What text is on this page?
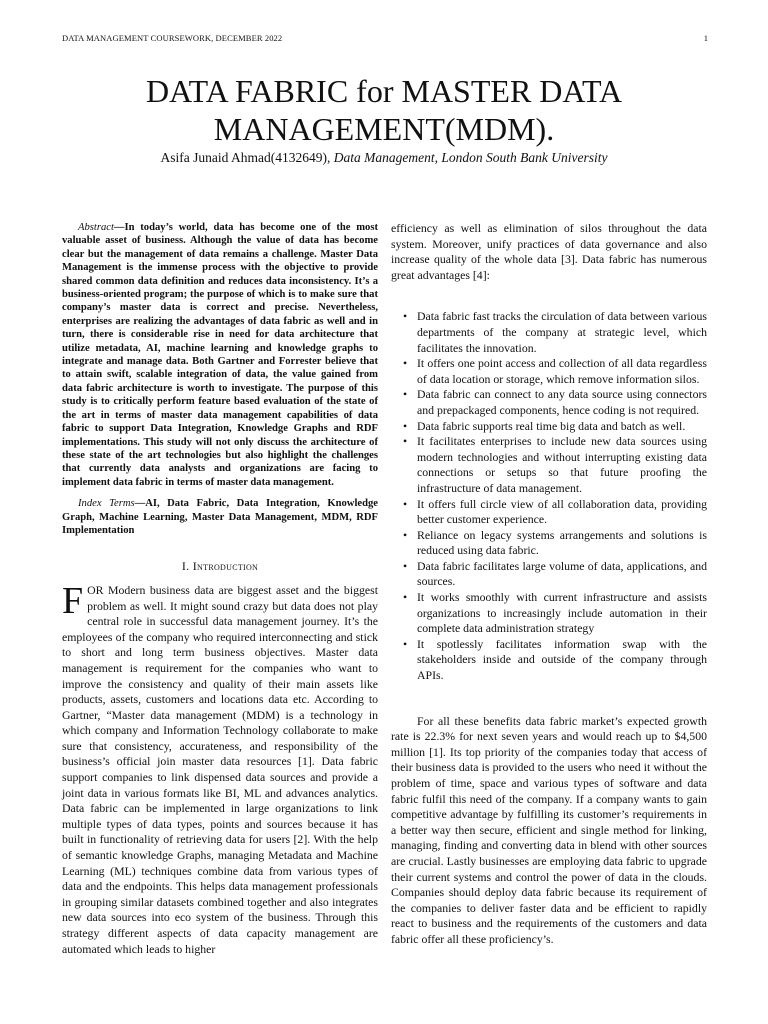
DATA MANAGEMENT COURSEWORK, DECEMBER 2022	1
DATA FABRIC for MASTER DATA
MANAGEMENT(MDM).
Asifa Junaid Ahmad(4132649), Data Management, London South Bank University

Abstract—In today’s world, data has become one of the most valuable asset of business. Although the value of data has become clear but the management of data remains a challenge. Master Data Management is the immense process with the objective to provide shared common data definition and reduces data inconsistency. It’s a business-oriented program; the purpose of which is to make sure that company’s master data is correct and precise. Nevertheless, enterprises are realizing the advantages of data fabric as well and in turn, there is considerable rise in need for data architecture that utilize metadata, AI, machine learning and knowledge graphs to integrate and manage data. Both Gartner and Forrester believe that to attain swift, scalable integration of data, the value gained from data fabric architecture is worth to investigate. The purpose of this study is to critically perform feature based evaluation of the state of the art in terms of master data management capabilities of data fabric to support Data Integration, Knowledge Graphs and RDF implementations. This study will not only discuss the architecture of these state of the art technologies but also highlight the challenges that currently data analysts and organizations are facing to implement data fabric in terms of master data management.

Index Terms—AI, Data Fabric, Data Integration, Knowledge Graph, Machine Learning, Master Data Management, MDM, RDF Implementation

I. Introduction

FOR Modern business data are biggest asset and the biggest problem as well. It might sound crazy but data does not play central role in successful data management journey. It’s the employees of the company who required interconnecting and stick to short and long term business objectives. Master data management is requirement for the companies who want to improve the consistency and quality of their main assets like products, assets, customers and locations data etc. According to Gartner, “Master data management (MDM) is a technology in which company and Information Technology collaborate to make sure that consistency, accurateness, and responsibility of the business’s official join master data resources [1]. Data fabric support companies to link dispensed data sources and provide a joint data in various formats like BI, ML and advances analytics. Data fabric can be implemented in large organizations to link multiple types of data types, points and sources because it has built in functionality of retrieving data for users [2]. With the help of semantic knowledge Graphs, managing Metadata and Machine Learning (ML) techniques combine data from various types of data and the endpoints. This helps data management professionals in grouping similar datasets combined together and also integrates new data sources into eco system of the business. Through this strategy different aspects of data capacity management are automated which leads to higher

efficiency as well as elimination of silos throughout the data system. Moreover, unify practices of data governance and also increase quality of the whole data [3]. Data fabric has numerous great advantages [4]:

• Data fabric fast tracks the circulation of data between various departments of the company at strategic level, which facilitates the innovation.
• It offers one point access and collection of all data regardless of data location or storage, which remove information silos.
• Data fabric can connect to any data source using connectors and prepackaged components, hence coding is not required.
• Data fabric supports real time big data and batch as well.
• It facilitates enterprises to include new data sources using modern technologies and without interrupting existing data connections or setups so that future proofing the infrastructure of data management.
• It offers full circle view of all collaboration data, providing better customer experience.
• Reliance on legacy systems arrangements and solutions is reduced using data fabric.
• Data fabric facilitates large volume of data, applications, and sources.
• It works smoothly with current infrastructure and assists organizations to increasingly include automation in their complete data administration strategy
• It spotlessly facilitates information swap with the stakeholders inside and outside of the company through APIs.

For all these benefits data fabric market’s expected growth rate is 22.3% for next seven years and would reach up to $4,500 million [1]. Its top priority of the companies today that access of their business data is provided to the users who need it without the problem of time, space and various types of software and data fabric fulfil this need of the company. If a company wants to gain competitive advantage by fulfilling its customer’s requirements in a better way then secure, efficient and single method for linking, managing, finding and converting data in blend with other sources are crucial. Lastly businesses are employing data fabric to upgrade their current systems and control the power of data in the clouds. Companies should deploy data fabric because its requirement of the companies to deliver faster data and be efficient to rapidly react to business and the requirements of the customers and data fabric offer all these proficiency’s.
